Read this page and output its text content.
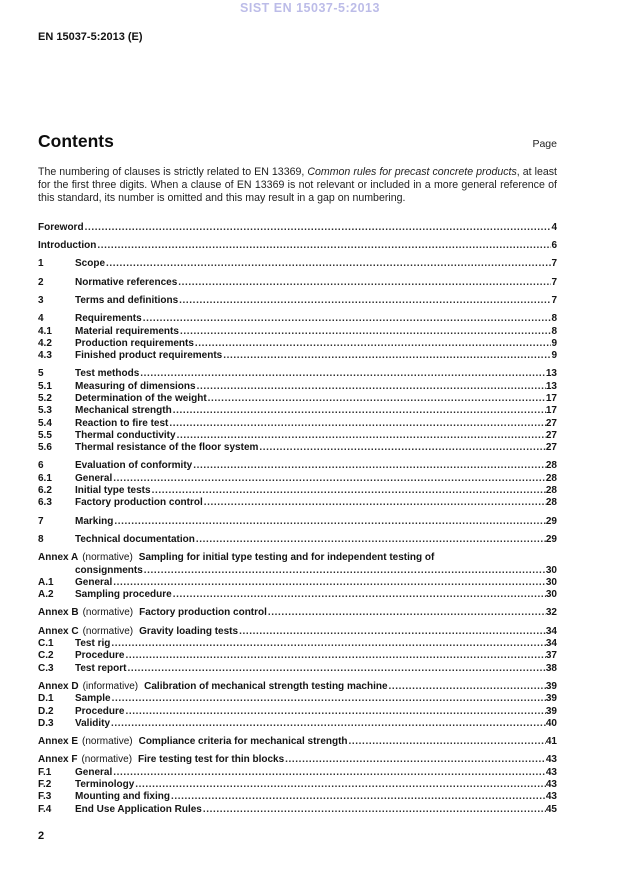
SIST EN 15037-5:2013
EN 15037-5:2013 (E)
Contents	Page

The numbering of clauses is strictly related to EN 13369, Common rules for precast concrete products, at least for the first three digits. When a clause of EN 13369 is not relevant or included in a more general reference of this standard, its number is omitted and this may result in a gap on numbering.

Foreword .....	4
Introduction .....	6
1	Scope .....	7
2	Normative references .....	7
3	Terms and definitions .....	7
4	Requirements .....	8
4.1	Material requirements .....	8
4.2	Production requirements .....	9
4.3	Finished product requirements .....	9
5	Test methods .....	13
5.1	Measuring of dimensions .....	13
5.2	Determination of the weight .....	17
5.3	Mechanical strength .....	17
5.4	Reaction to fire test .....	27
5.5	Thermal conductivity .....	27
5.6	Thermal resistance of the floor system .....	27
6	Evaluation of conformity .....	28
6.1	General .....	28
6.2	Initial type tests .....	28
6.3	Factory production control .....	28
7	Marking .....	29
8	Technical documentation .....	29
Annex A (normative) Sampling for initial type testing and for independent testing of
consignments .....	30
A.1	General .....	30
A.2	Sampling procedure .....	30
Annex B (normative) Factory production control .....	32
Annex C (normative) Gravity loading tests .....	34
C.1	Test rig .....	34
C.2	Procedure .....	37
C.3	Test report .....	38
Annex D (informative) Calibration of mechanical strength testing machine .....	39
D.1	Sample .....	39
D.2	Procedure .....	39
D.3	Validity .....	40
Annex E (normative) Compliance criteria for mechanical strength .....	41
Annex F (normative) Fire testing test for thin blocks .....	43
F.1	General .....	43
F.2	Terminology .....	43
F.3	Mounting and fixing .....	43
F.4	End Use Application Rules .....	45
2
